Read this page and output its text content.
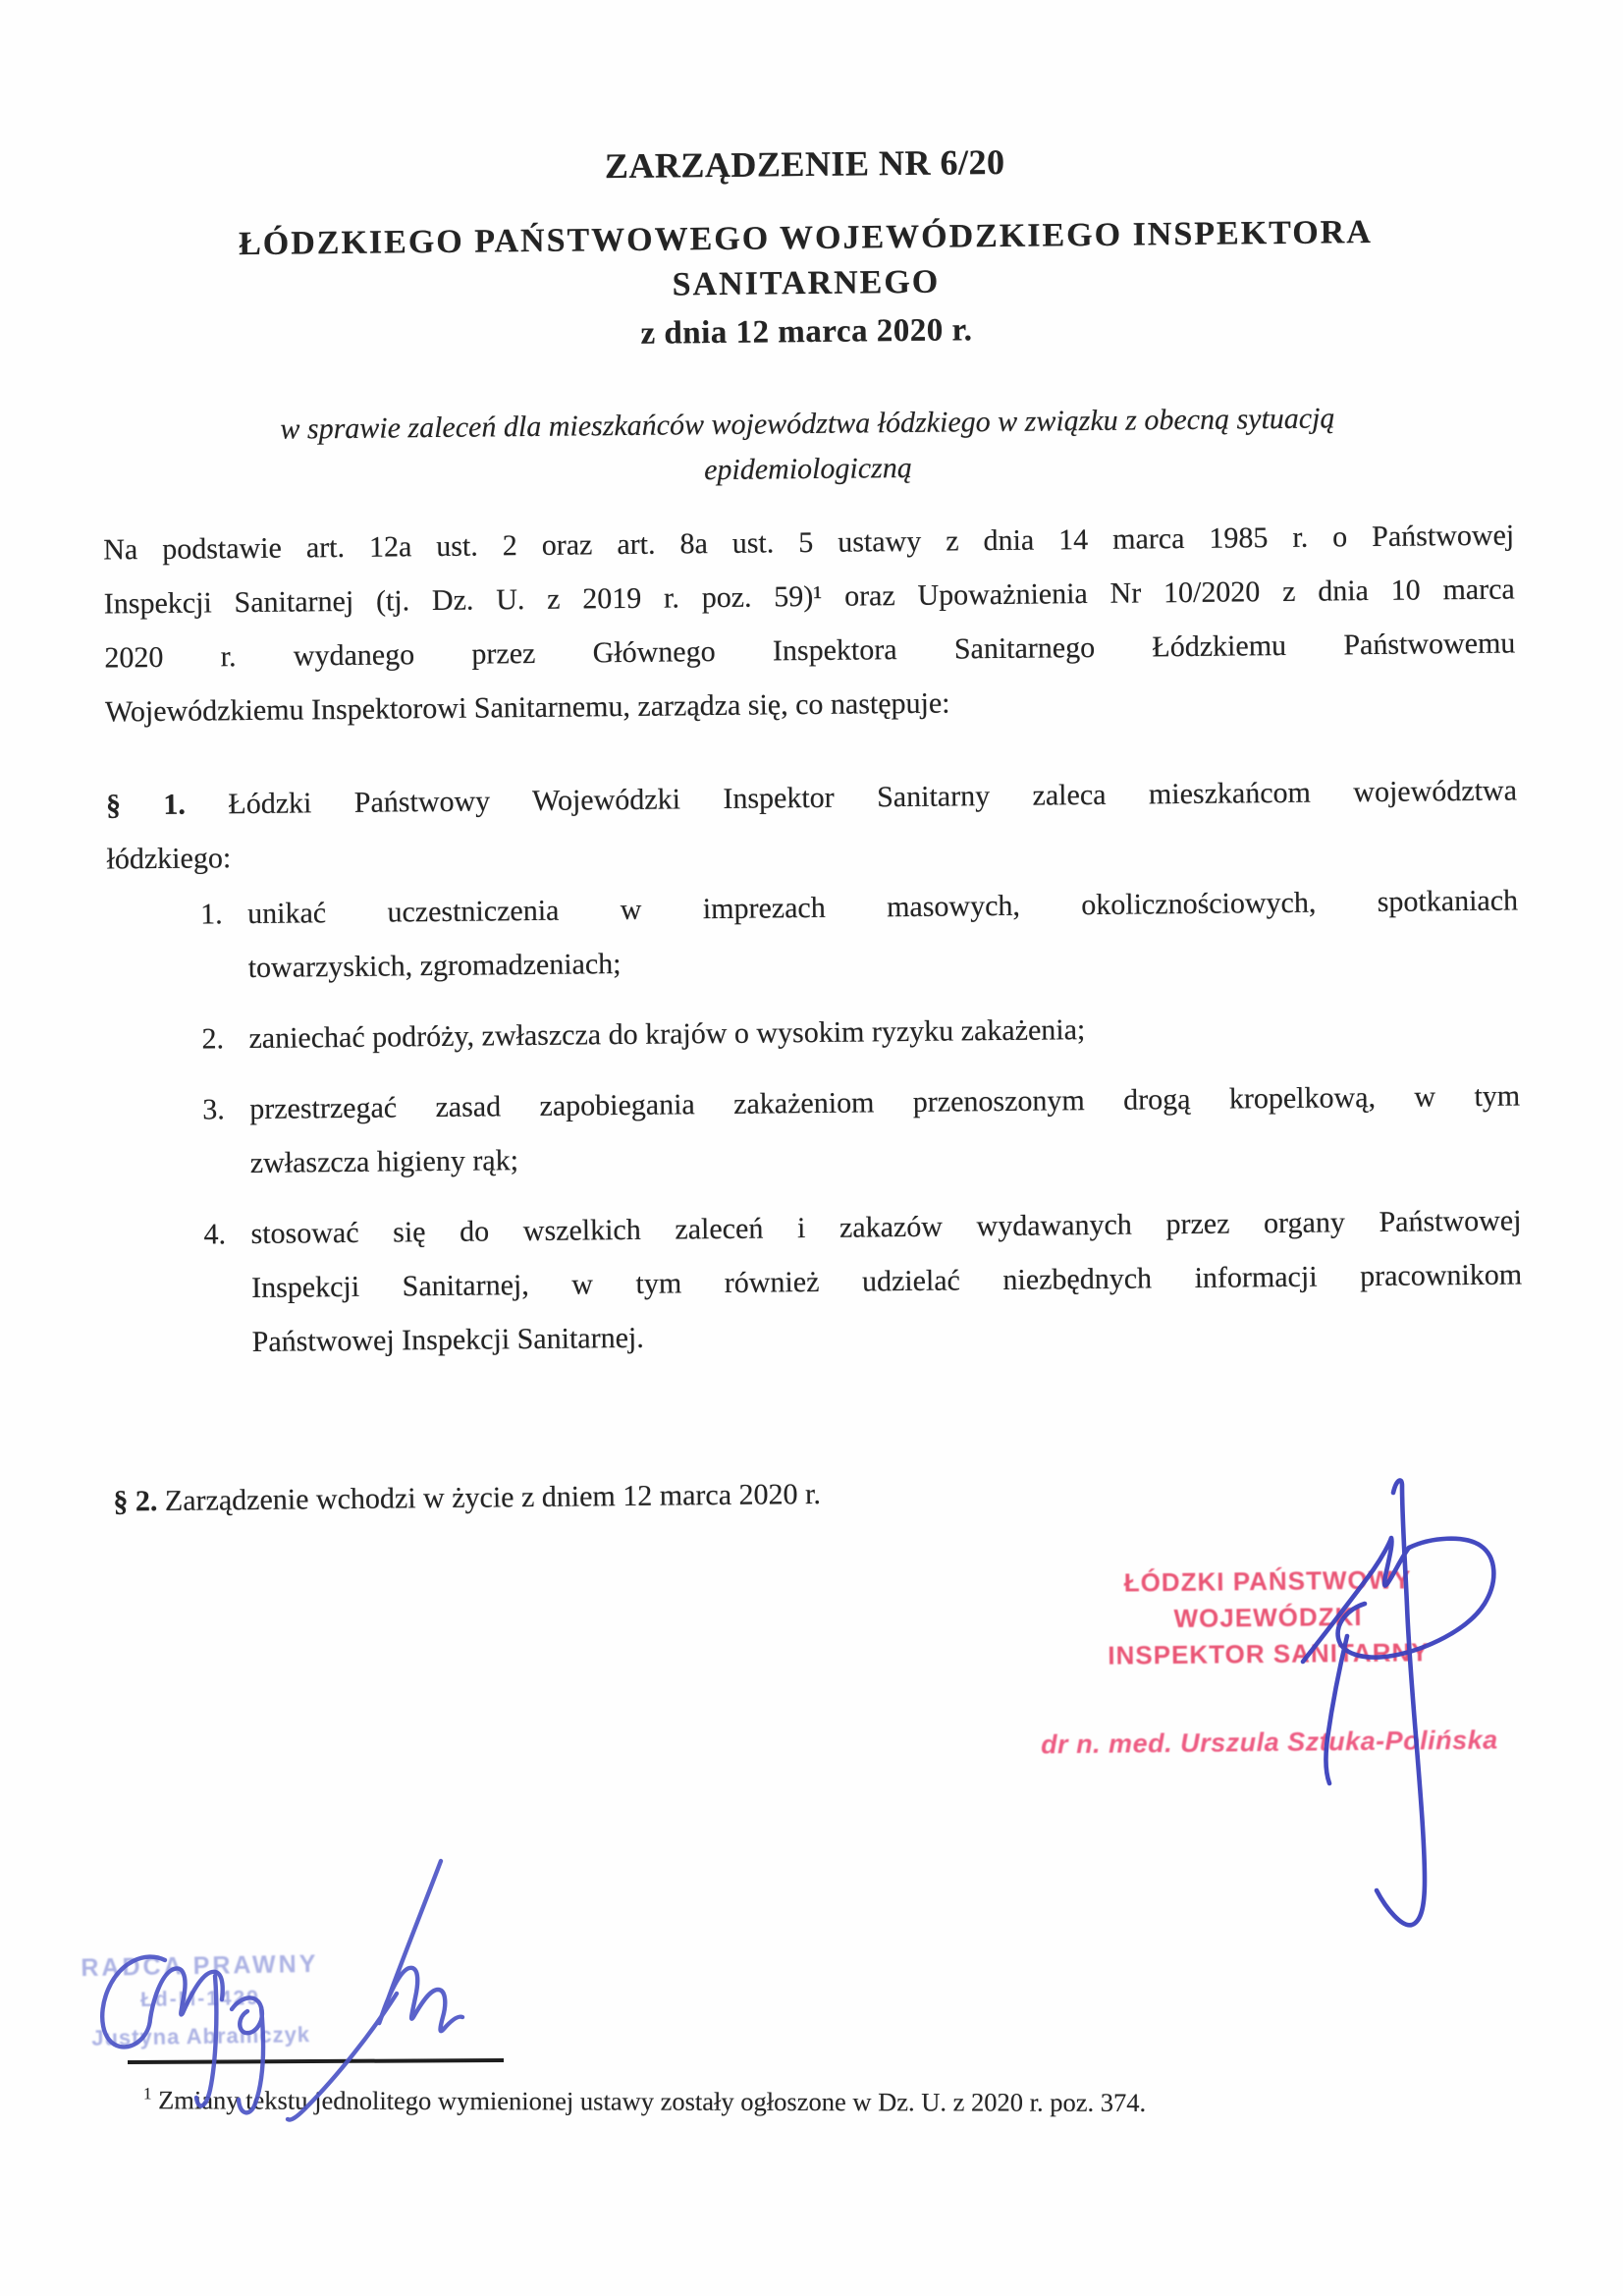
ZARZĄDZENIE NR 6/20
ŁÓDZKIEGO PAŃSTWOWEGO WOJEWÓDZKIEGO INSPEKTORA
SANITARNEGO
z dnia 12 marca 2020 r.
w sprawie zaleceń dla mieszkańców województwa łódzkiego w związku z obecną sytuacją
epidemiologiczną
Na podstawie art. 12a ust. 2 oraz art. 8a ust. 5 ustawy z dnia 14 marca 1985 r. o Państwowej
Inspekcji Sanitarnej (tj. Dz. U. z 2019 r. poz. 59)¹ oraz Upoważnienia Nr 10/2020 z dnia 10 marca
2020 r. wydanego przez Głównego Inspektora Sanitarnego Łódzkiemu Państwowemu
Wojewódzkiemu Inspektorowi Sanitarnemu, zarządza się, co następuje:
§ 1. Łódzki Państwowy Wojewódzki Inspektor Sanitarny zaleca mieszkańcom województwa
łódzkiego:
1. unikać uczestniczenia w imprezach masowych, okolicznościowych, spotkaniach
towarzyskich, zgromadzeniach;
2. zaniechać podróży, zwłaszcza do krajów o wysokim ryzyku zakażenia;
3. przestrzegać zasad zapobiegania zakażeniom przenoszonym drogą kropelkową, w tym
zwłaszcza higieny rąk;
4. stosować się do wszelkich zaleceń i zakazów wydawanych przez organy Państwowej
Inspekcji Sanitarnej, w tym również udzielać niezbędnych informacji pracownikom
Państwowej Inspekcji Sanitarnej.
§ 2. Zarządzenie wchodzi w życie z dniem 12 marca 2020 r.
ŁÓDZKI PAŃSTWOWY WOJEWÓDZKI
INSPEKTOR SANITARNY
dr n. med. Urszula Sztuka-Polińska
RADCA PRAWNY
Łd-M-1429
Justyna Abramczyk
$^1$ Zmiany tekstu jednolitego wymienionej ustawy zostały ogłoszone w Dz. U. z 2020 r. poz. 374.
